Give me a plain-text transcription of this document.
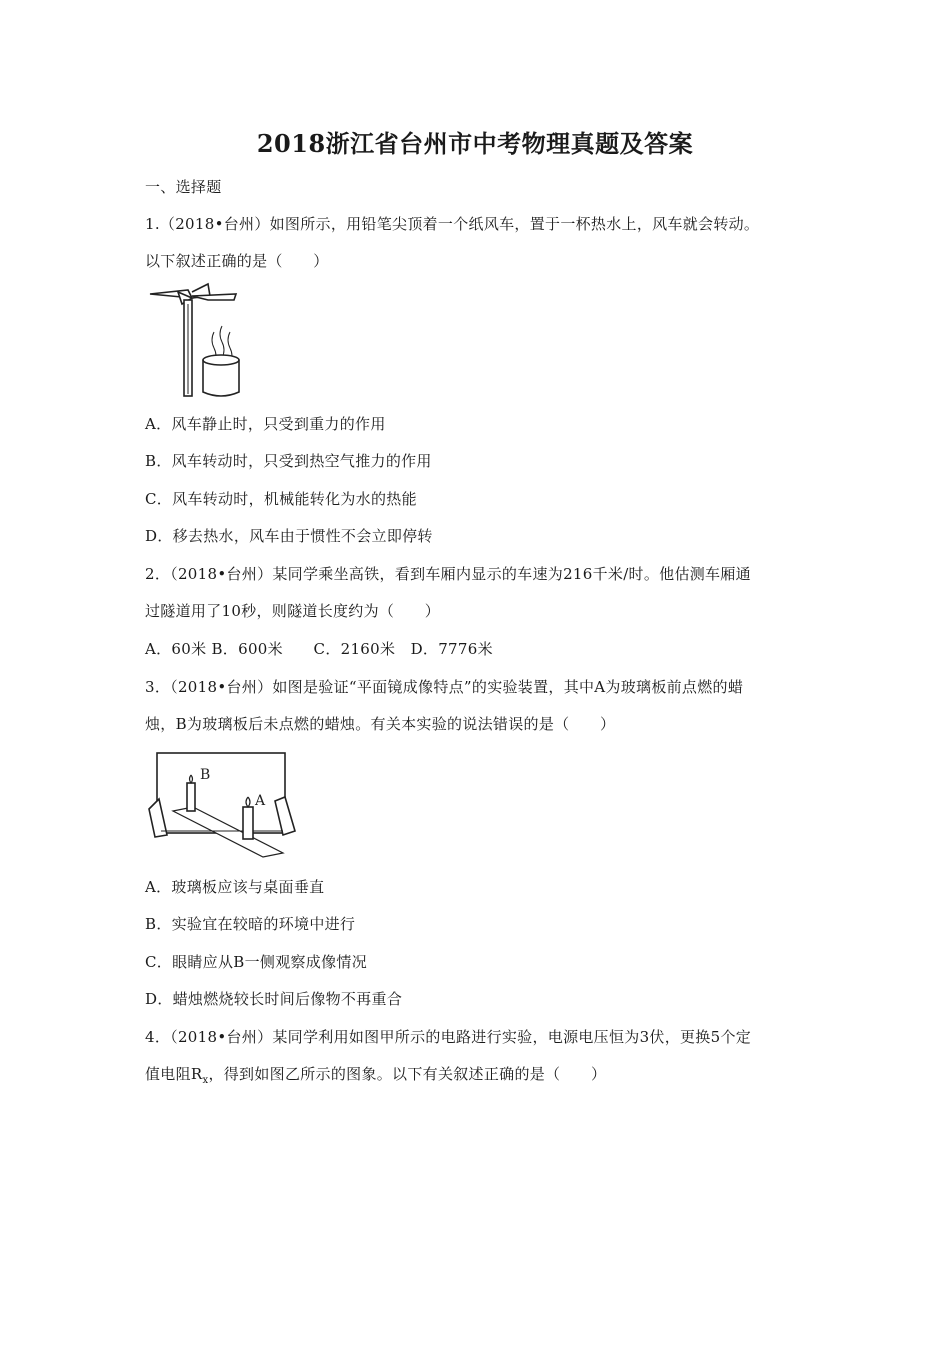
2018浙江省台州市中考物理真题及答案
一、选择题
1.（2018•台州）如图所示，用铅笔尖顶着一个纸风车，置于一杯热水上，风车就会转动。
以下叙述正确的是（　　）
A．风车静止时，只受到重力的作用
B．风车转动时，只受到热空气推力的作用
C．风车转动时，机械能转化为水的热能
D．移去热水，风车由于惯性不会立即停转
2．（2018•台州）某同学乘坐高铁，看到车厢内显示的车速为216千米/时。他估测车厢通
过隧道用了10秒，则隧道长度约为（　　）
A．60米 B．600米　　C．2160米　D．7776米
3．（2018•台州）如图是验证“平面镜成像特点”的实验装置，其中A为玻璃板前点燃的蜡
烛，B为玻璃板后未点燃的蜡烛。有关本实验的说法错误的是（　　）
B
A
A．玻璃板应该与桌面垂直
B．实验宜在较暗的环境中进行
C．眼睛应从B一侧观察成像情况
D．蜡烛燃烧较长时间后像物不再重合
4．（2018•台州）某同学利用如图甲所示的电路进行实验，电源电压恒为3伏，更换5个定
值电阻$R_x$，得到如图乙所示的图象。以下有关叙述正确的是（　　）
